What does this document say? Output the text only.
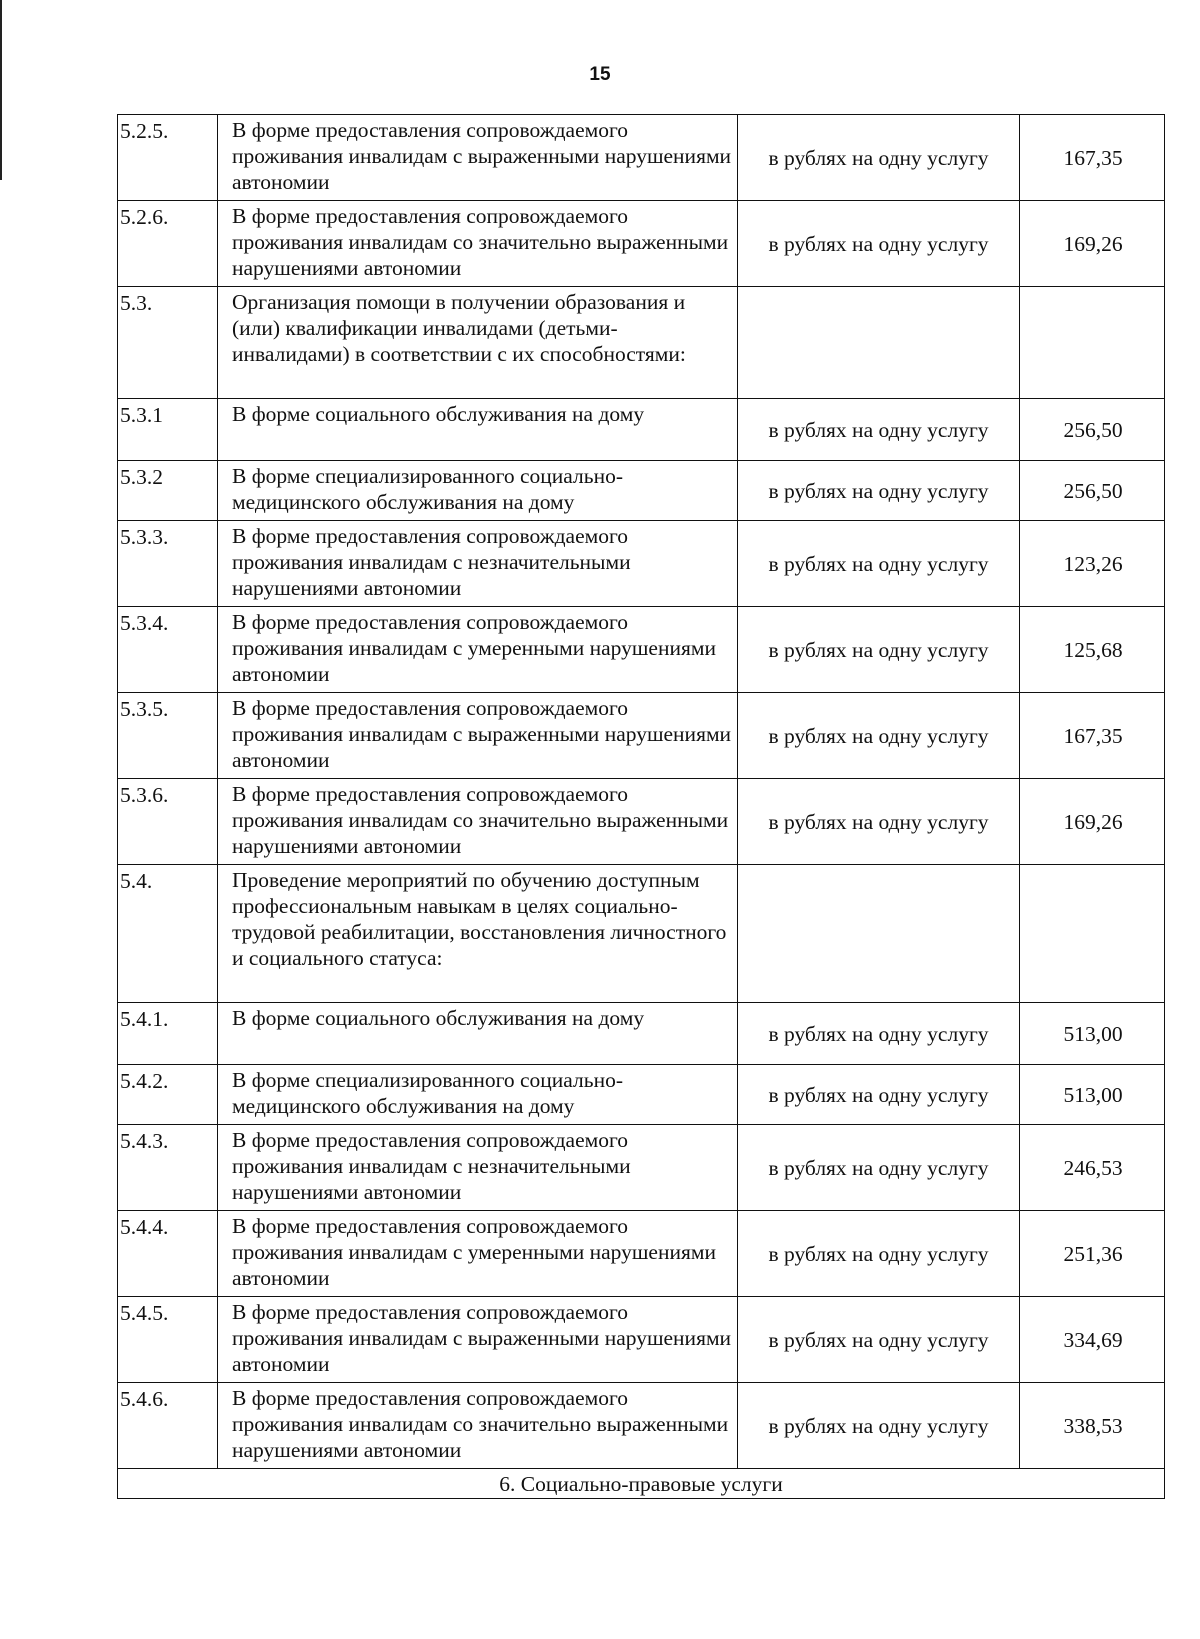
15
5.2.5.	В форме предоставления сопровождаемого проживания инвалидам с выраженными нарушениями автономии	в рублях на одну услугу	167,35
5.2.6.	В форме предоставления сопровождаемого проживания инвалидам со значительно выраженными нарушениями автономии	в рублях на одну услугу	169,26
5.3.	Организация помощи в получении образования и (или) квалификации инвалидами (детьми-инвалидами) в соответствии с их способностями:		
5.3.1	В форме социального обслуживания на дому	в рублях на одну услугу	256,50
5.3.2	В форме специализированного социально-медицинского обслуживания на дому	в рублях на одну услугу	256,50
5.3.3.	В форме предоставления сопровождаемого проживания инвалидам с незначительными нарушениями автономии	в рублях на одну услугу	123,26
5.3.4.	В форме предоставления сопровождаемого проживания инвалидам с умеренными нарушениями автономии	в рублях на одну услугу	125,68
5.3.5.	В форме предоставления сопровождаемого проживания инвалидам с выраженными нарушениями автономии	в рублях на одну услугу	167,35
5.3.6.	В форме предоставления сопровождаемого проживания инвалидам со значительно выраженными нарушениями автономии	в рублях на одну услугу	169,26
5.4.	Проведение мероприятий по обучению доступным профессиональным навыкам в целях социально-трудовой реабилитации, восстановления личностного и социального статуса:		
5.4.1.	В форме социального обслуживания на дому	в рублях на одну услугу	513,00
5.4.2.	В форме специализированного социально-медицинского обслуживания на дому	в рублях на одну услугу	513,00
5.4.3.	В форме предоставления сопровождаемого проживания инвалидам с незначительными нарушениями автономии	в рублях на одну услугу	246,53
5.4.4.	В форме предоставления сопровождаемого проживания инвалидам с умеренными нарушениями автономии	в рублях на одну услугу	251,36
5.4.5.	В форме предоставления сопровождаемого проживания инвалидам с выраженными нарушениями автономии	в рублях на одну услугу	334,69
5.4.6.	В форме предоставления сопровождаемого проживания инвалидам со значительно выраженными нарушениями автономии	в рублях на одну услугу	338,53
6. Социально-правовые услуги			
